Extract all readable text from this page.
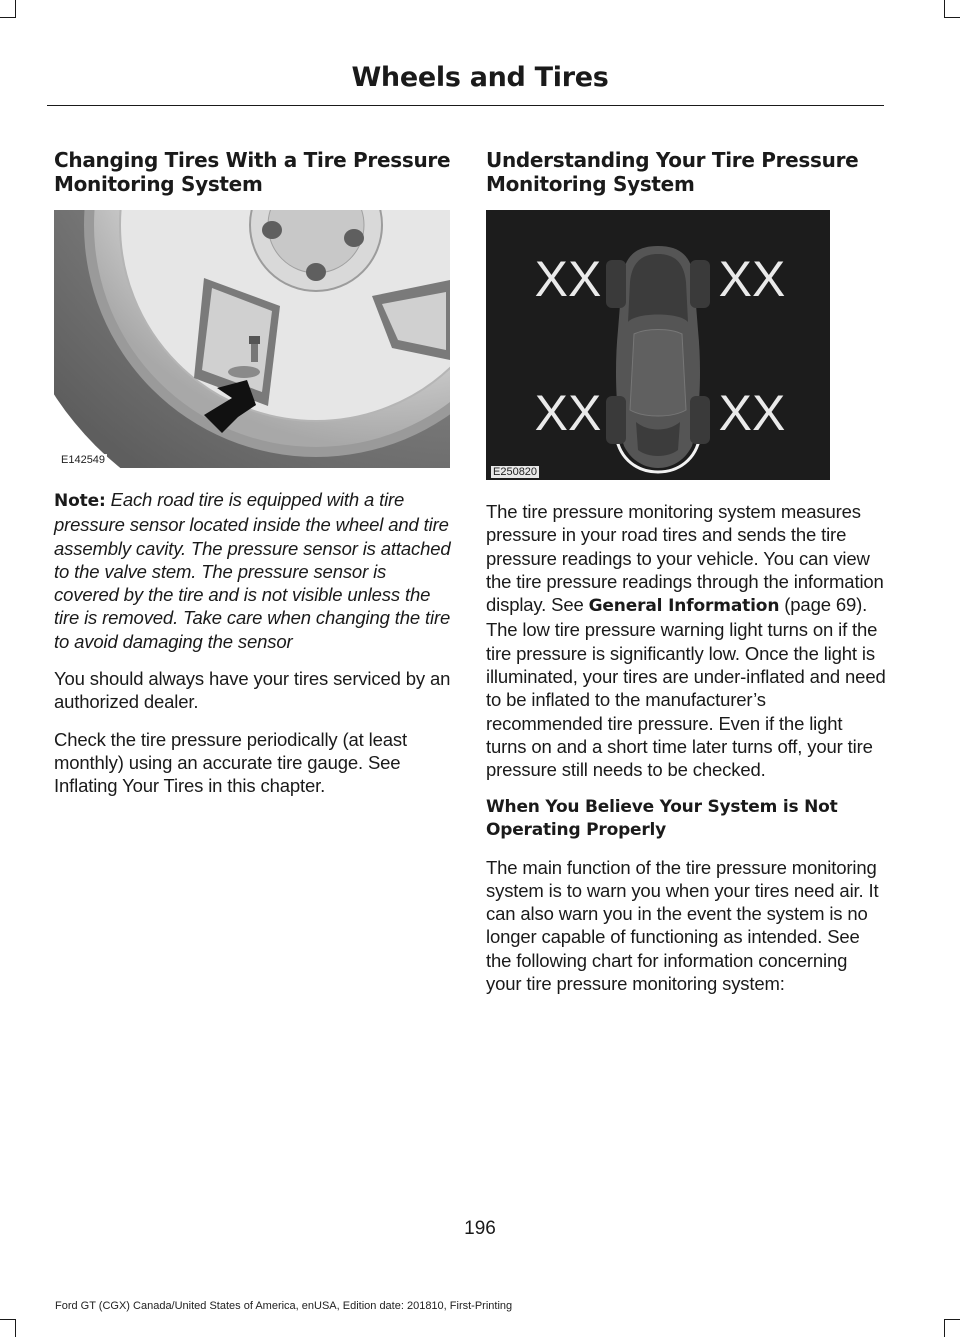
Wheels and Tires
Changing Tires With a Tire Pressure Monitoring System
E142549

Note: Each road tire is equipped with a tire pressure sensor located inside the wheel and tire assembly cavity. The pressure sensor is attached to the valve stem. The pressure sensor is covered by the tire and is not visible unless the tire is removed. Take care when changing the tire to avoid damaging the sensor

You should always have your tires serviced by an authorized dealer.

Check the tire pressure periodically (at least monthly) using an accurate tire gauge. See Inflating Your Tires in this chapter.

Understanding Your Tire Pressure Monitoring System
XX XX
XX XX
E250820

The tire pressure monitoring system measures pressure in your road tires and sends the tire pressure readings to your vehicle. You can view the tire pressure readings through the information display. See General Information (page 69). The low tire pressure warning light turns on if the tire pressure is significantly low. Once the light is illuminated, your tires are under-inflated and need to be inflated to the manufacturer’s recommended tire pressure. Even if the light turns on and a short time later turns off, your tire pressure still needs to be checked.

When You Believe Your System is Not Operating Properly

The main function of the tire pressure monitoring system is to warn you when your tires need air. It can also warn you in the event the system is no longer capable of functioning as intended. See the following chart for information concerning your tire pressure monitoring system:

196
Ford GT (CGX) Canada/United States of America, enUSA, Edition date: 201810, First-Printing
